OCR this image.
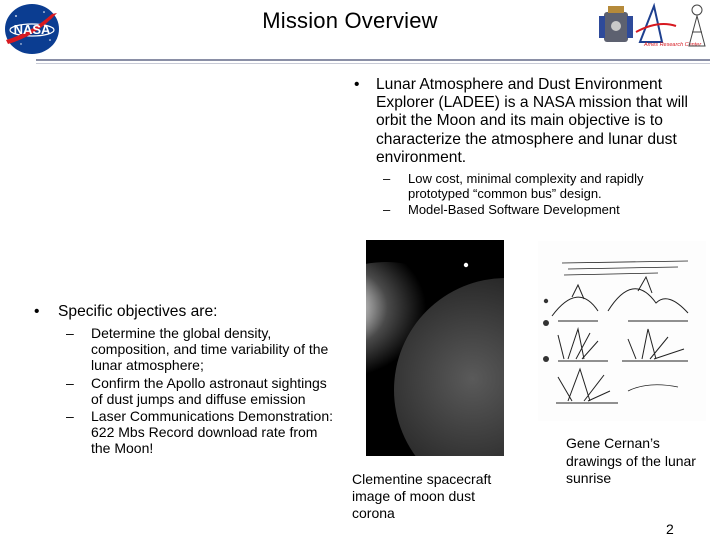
NASA
Ames Research Center
Mission Overview
• Lunar Atmosphere and Dust Environment Explorer (LADEE) is a NASA mission that will orbit the Moon and its main objective is to characterize the atmosphere and lunar dust environment.
– Low cost, minimal complexity and rapidly prototyped “common bus” design.
– Model-Based Software Development
• Specific objectives are:
– Determine the global density, composition, and time variability of the lunar atmosphere;
– Confirm the Apollo astronaut sightings of dust jumps and diffuse emission
– Laser Communications Demonstration: 622 Mbs Record download rate from the Moon!
Clementine spacecraft image of moon dust corona
Gene Cernan’s drawings of the lunar sunrise
2
